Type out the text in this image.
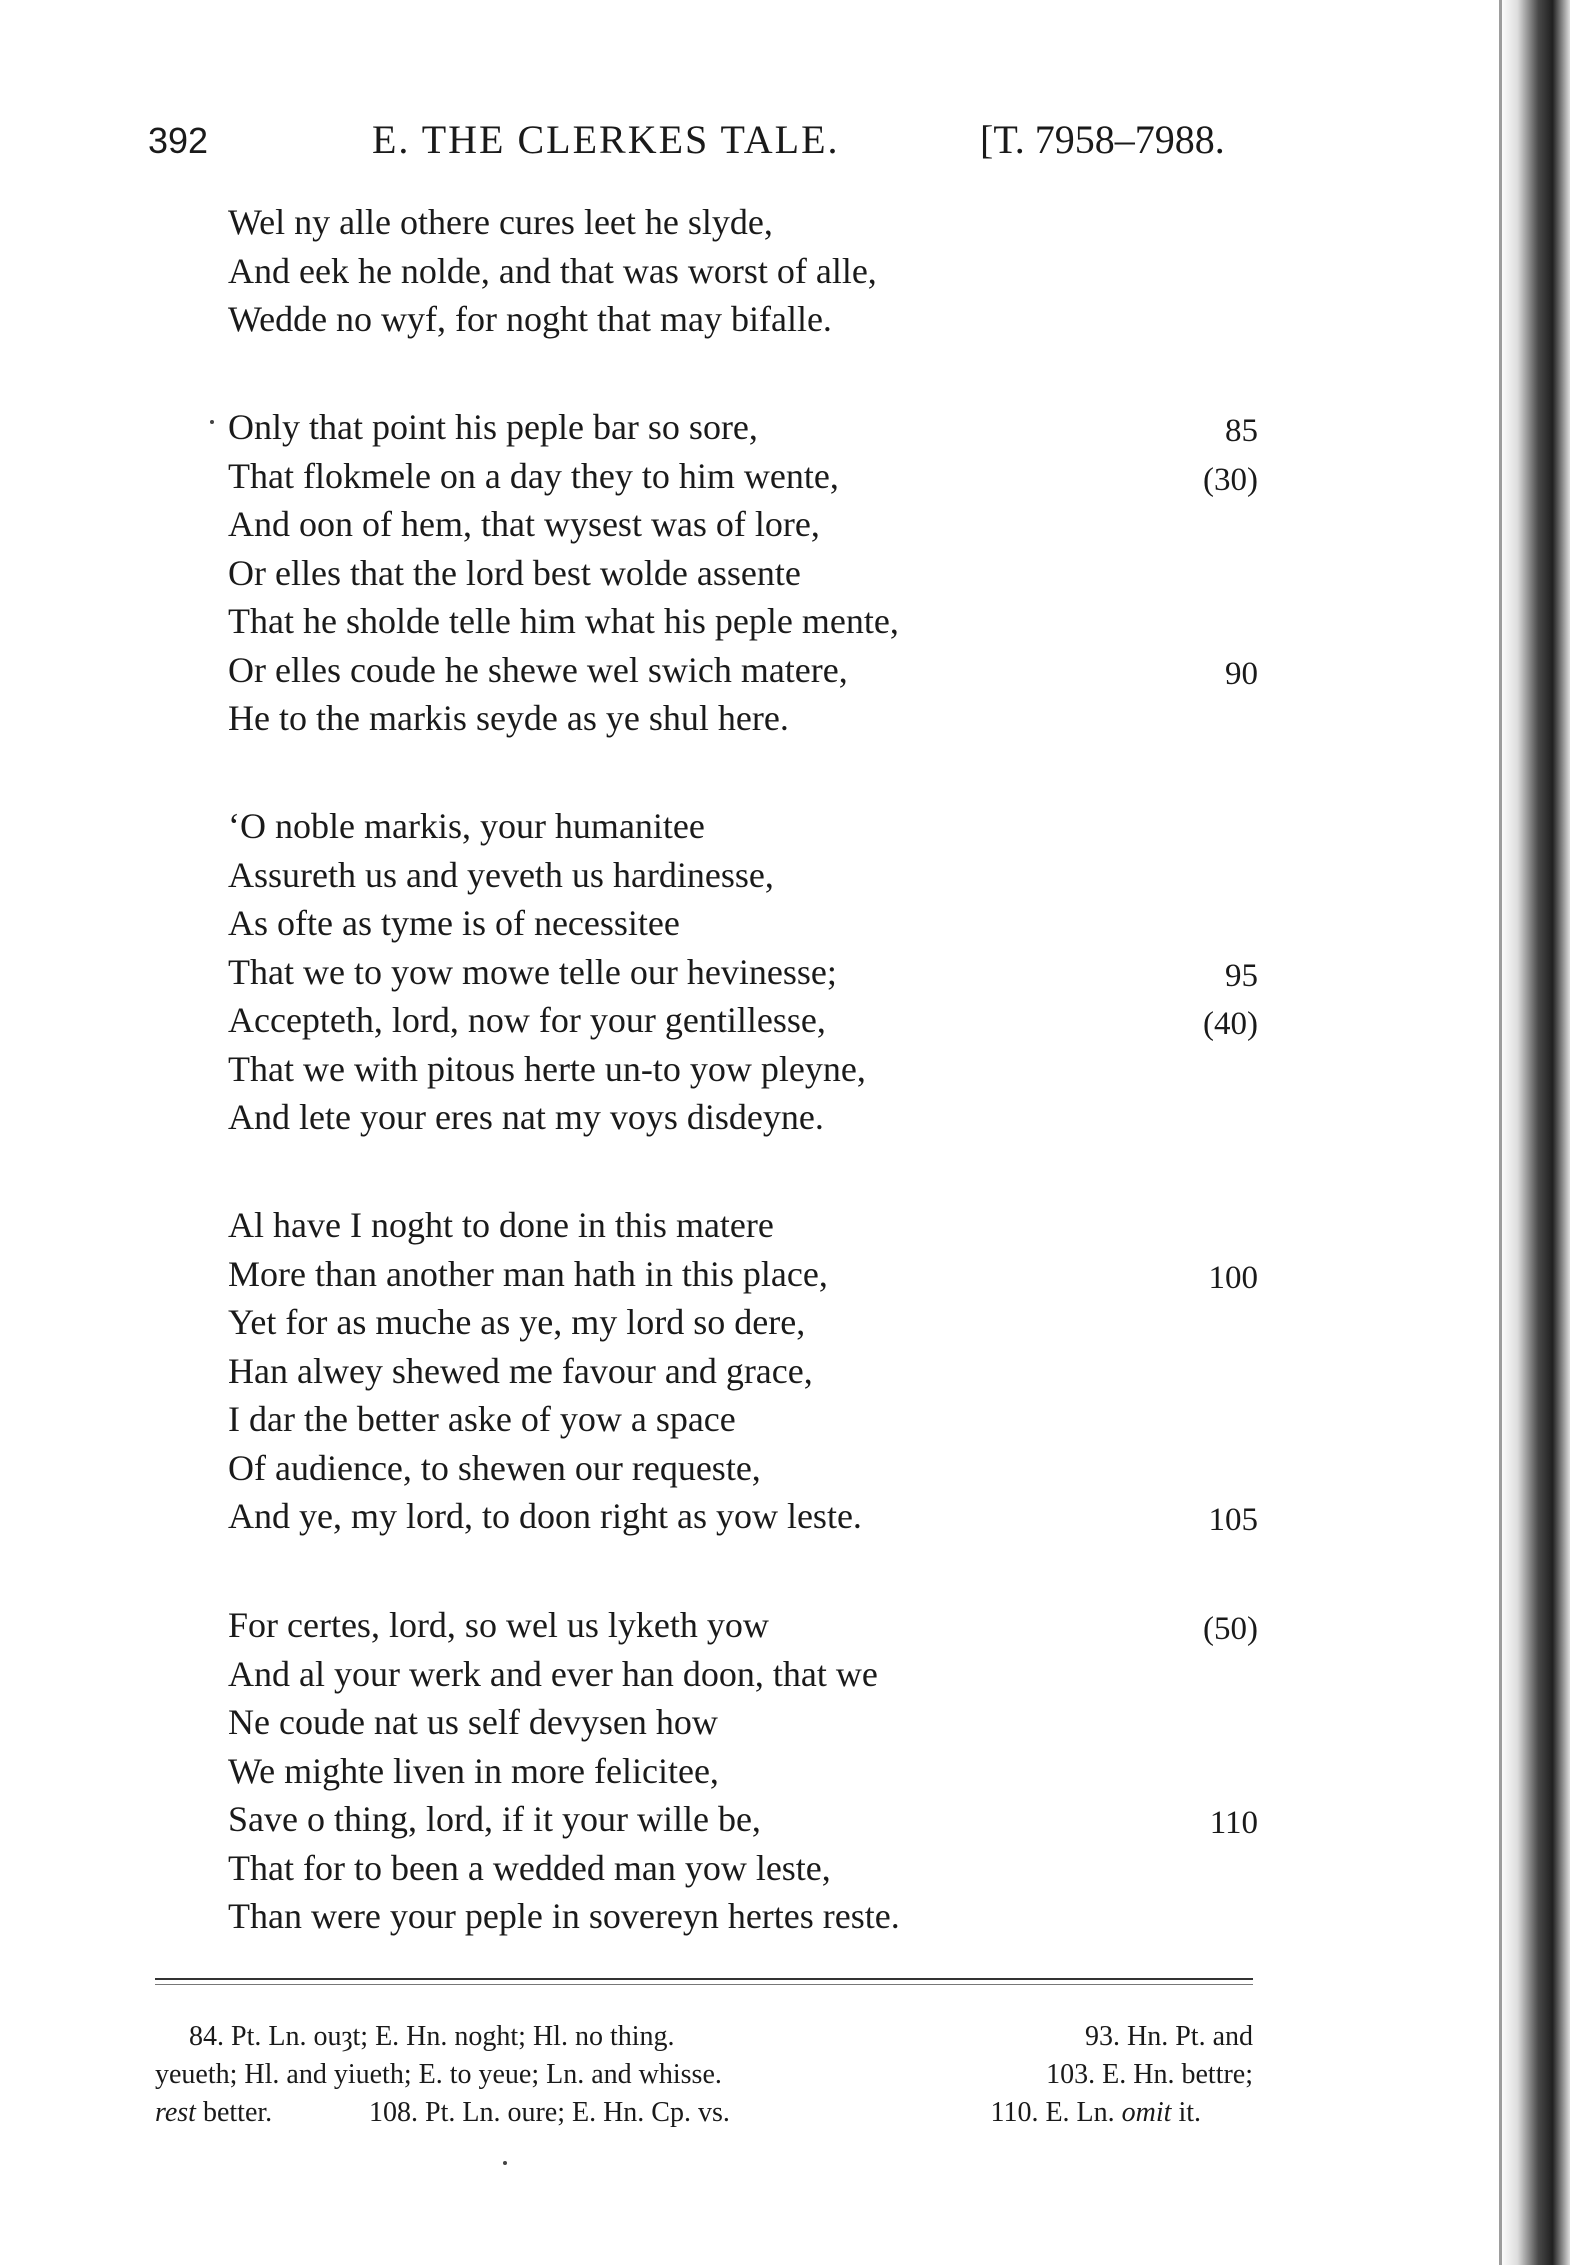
392	E. THE CLERKES TALE.	[T. 7958–7988.
Wel ny alle othere cures leet he slyde,
And eek he nolde, and that was worst of alle,
Wedde no wyf, for noght that may bifalle.
Only that point his peple bar so sore,	85
That flokmele on a day they to him wente,	(30)
And oon of hem, that wysest was of lore,
Or elles that the lord best wolde assente
That he sholde telle him what his peple mente,
Or elles coude he shewe wel swich matere,	90
He to the markis seyde as ye shul here.
‘O noble markis, your humanitee
Assureth us and yeveth us hardinesse,
As ofte as tyme is of necessitee
That we to yow mowe telle our hevinesse;	95
Accepteth, lord, now for your gentillesse,	(40)
That we with pitous herte un-to yow pleyne,
And lete your eres nat my voys disdeyne.
Al have I noght to done in this matere
More than another man hath in this place,	100
Yet for as muche as ye, my lord so dere,
Han alwey shewed me favour and grace,
I dar the better aske of yow a space
Of audience, to shewen our requeste,
And ye, my lord, to doon right as yow leste.	105
For certes, lord, so wel us lyketh yow	(50)
And al your werk and ever han doon, that we
Ne coude nat us self devysen how
We mighte liven in more felicitee,
Save o thing, lord, if it your wille be,	110
That for to been a wedded man yow leste,
Than were your peple in sovereyn hertes reste.
84. Pt. Ln. ouȝt; E. Hn. noght; Hl. no thing.	93. Hn. Pt. and
yeueth; Hl. and yiueth; E. to yeue; Ln. and whisse.	103. E. Hn. bettre;
rest better.	108. Pt. Ln. oure; E. Hn. Cp. vs.	110. E. Ln. omit it.
